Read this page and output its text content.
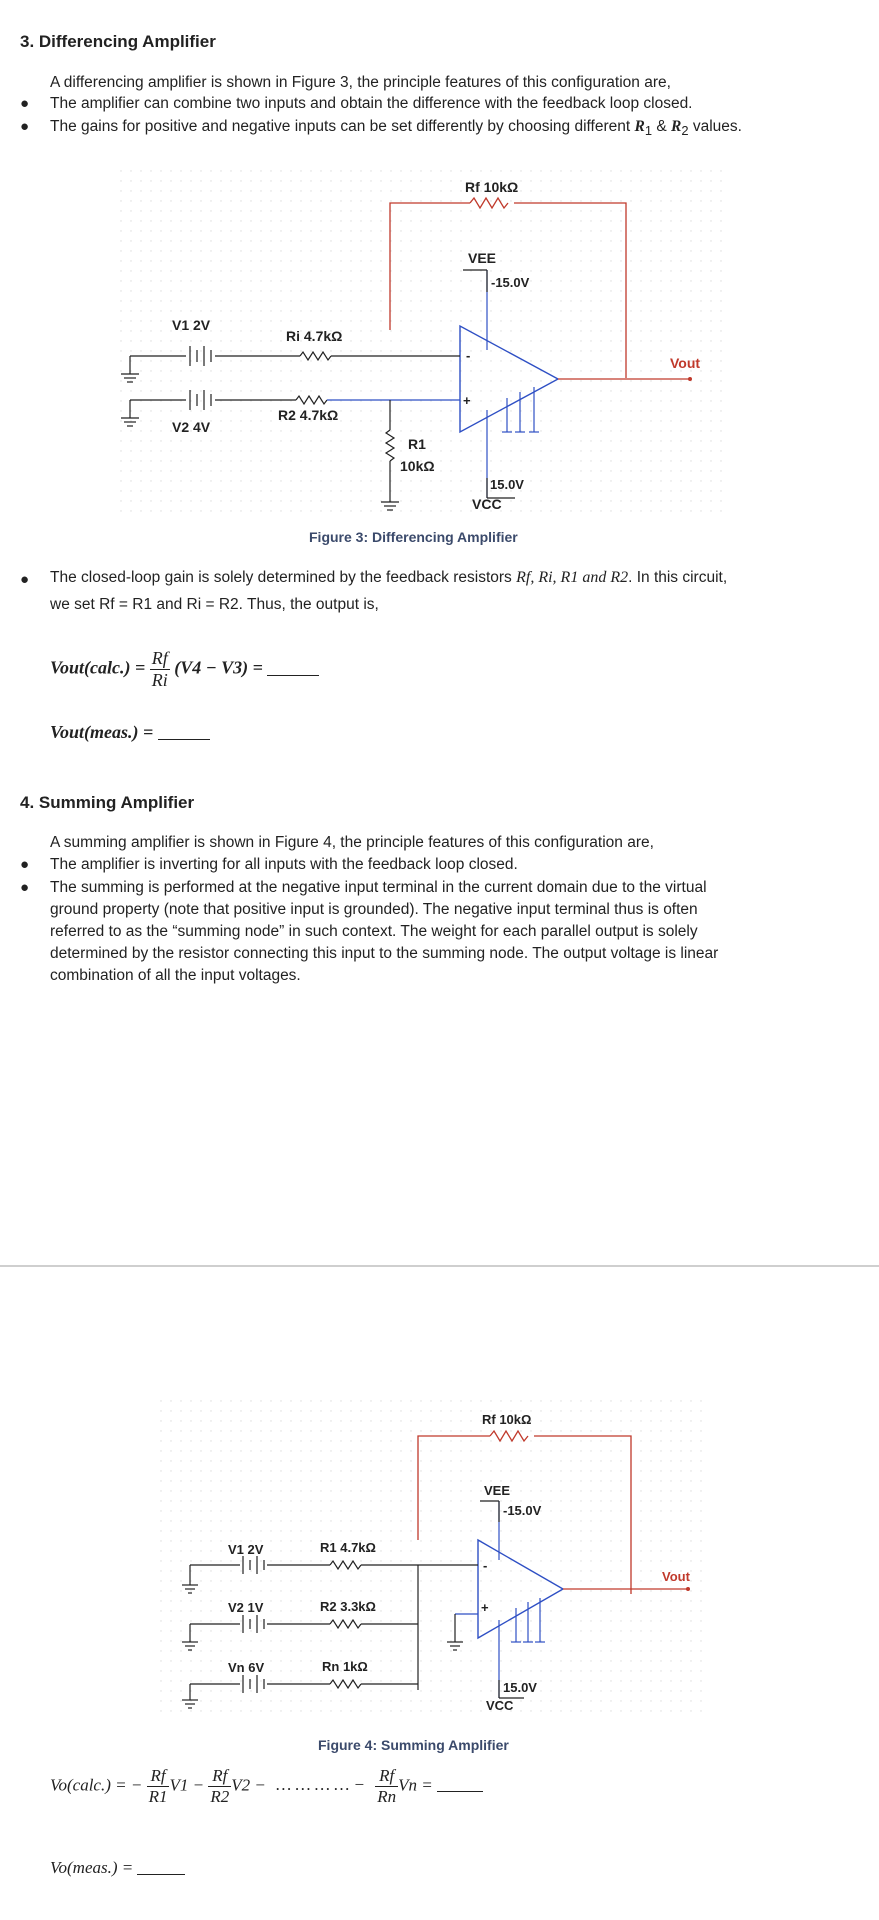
3. Differencing Amplifier
A differencing amplifier is shown in Figure 3, the principle features of this configuration are,
● The amplifier can combine two inputs and obtain the difference with the feedback loop closed.
● The gains for positive and negative inputs can be set differently by choosing different $R_1$ & $R_2$ values.
Rf 10kΩ
-
+
VEE
-15.0V
15.0V
VCC
Vout
V1 2V
Ri 4.7kΩ
V2 4V
R2 4.7kΩ
R1
10kΩ
Figure 3: Differencing Amplifier
● The closed-loop gain is solely determined by the feedback resistors Rf, Ri, R1 and R2. In this circuit,
we set Rf = R1 and Ri = R2. Thus, the output is,
Vout(calc.) = $\frac{Rf}{Ri} (V4 - V3)$ =
Vout(meas.) =
4. Summing Amplifier
A summing amplifier is shown in Figure 4, the principle features of this configuration are,
● The amplifier is inverting for all inputs with the feedback loop closed.
● The summing is performed at the negative input terminal in the current domain due to the virtual
ground property (note that positive input is grounded). The negative input terminal thus is often
referred to as the “summing node” in such context. The weight for each parallel output is solely
determined by the resistor connecting this input to the summing node. The output voltage is linear
combination of all the input voltages.
Rf 10kΩ
-
+
VEE
-15.0V
15.0V
VCC
Vout
V1 2V	R1 4.7kΩ
V2 1V	R2 3.3kΩ
Vn 6V	Rn 1kΩ
Figure 4: Summing Amplifier
Vo(calc.) = − $\frac{Rf}{R1} V1 - \frac{Rf}{R2} V2$ − … … … … − $\frac{Rf}{Rn}$ Vn =
Vo(meas.) =
